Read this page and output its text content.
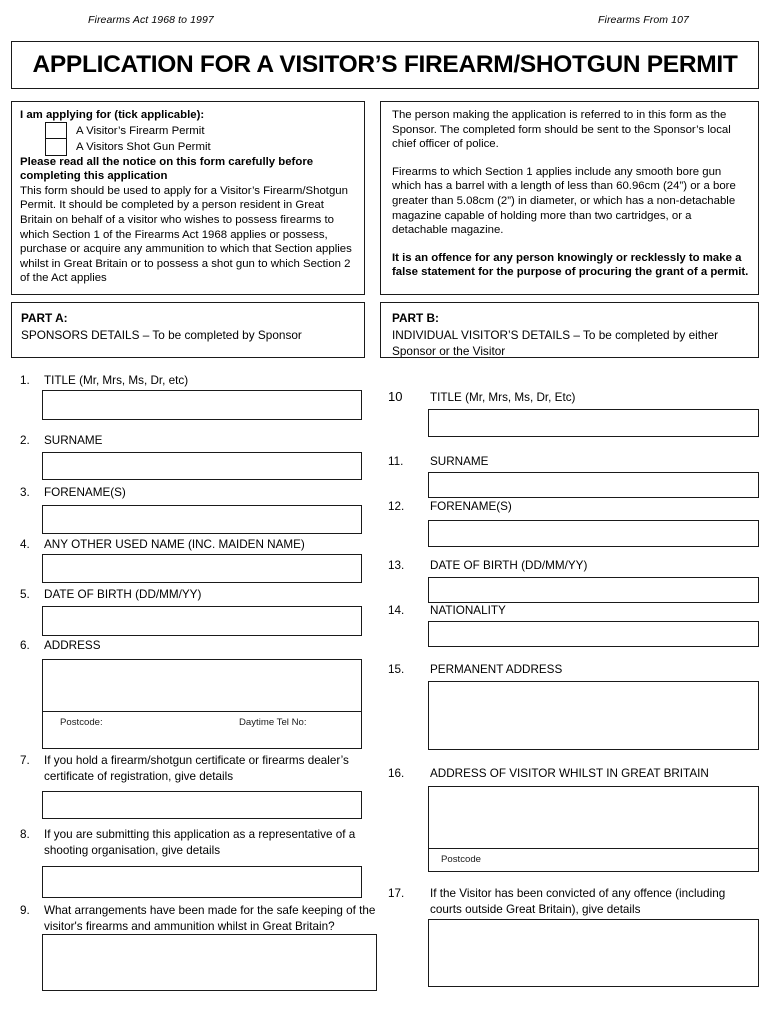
Firearms Act 1968 to 1997	Firearms From 107
APPLICATION FOR A VISITOR’S FIREARM/SHOTGUN PERMIT

I am applying for (tick applicable):

A Visitor’s Firearm Permit
A Visitors Shot Gun Permit

Please read all the notice on this form carefully before completing this application

This form should be used to apply for a Visitor’s Firearm/Shotgun Permit. It should be completed by a person resident in Great Britain on behalf of a visitor who wishes to possess firearms to which Section 1 of the Firearms Act 1968 applies or possess, purchase or acquire any ammunition to which that Section applies whilst in Great Britain or to possess a shot gun to which Section 2 of the Act applies

The person making the application is referred to in this form as the Sponsor. The completed form should be sent to the Sponsor’s local chief officer of police.

Firearms to which Section 1 applies include any smooth bore gun which has a barrel with a length of less than 60.96cm (24”) or a bore greater than 5.08cm (2”) in diameter, or which has a non-detachable magazine capable of holding more than two cartridges, or a detachable magazine.

It is an offence for any person knowingly or recklessly to make a false statement for the purpose of procuring the grant of a permit.

PART A:
SPONSORS DETAILS – To be completed by Sponsor
PART B:
INDIVIDUAL VISITOR’S DETAILS – To be completed by either Sponsor or the Visitor
1. TITLE (Mr, Mrs, Ms, Dr, etc)
2. SURNAME
3. FORENAME(S)
4. ANY OTHER USED NAME (INC. MAIDEN NAME)
5. DATE OF BIRTH (DD/MM/YY)
6. ADDRESS
Postcode:	Daytime Tel No:
7. If you hold a firearm/shotgun certificate or firearms dealer’s certificate of registration, give details
8. If you are submitting this application as a representative of a shooting organisation, give details
9. What arrangements have been made for the safe keeping of the visitor's firearms and ammunition whilst in Great Britain?
10 TITLE (Mr, Mrs, Ms, Dr, Etc)
11. SURNAME
12. FORENAME(S)
13. DATE OF BIRTH (DD/MM/YY)
14. NATIONALITY
15. PERMANENT ADDRESS
16. ADDRESS OF VISITOR WHILST IN GREAT BRITAIN
Postcode
17. If the Visitor has been convicted of any offence (including courts outside Great Britain), give details
